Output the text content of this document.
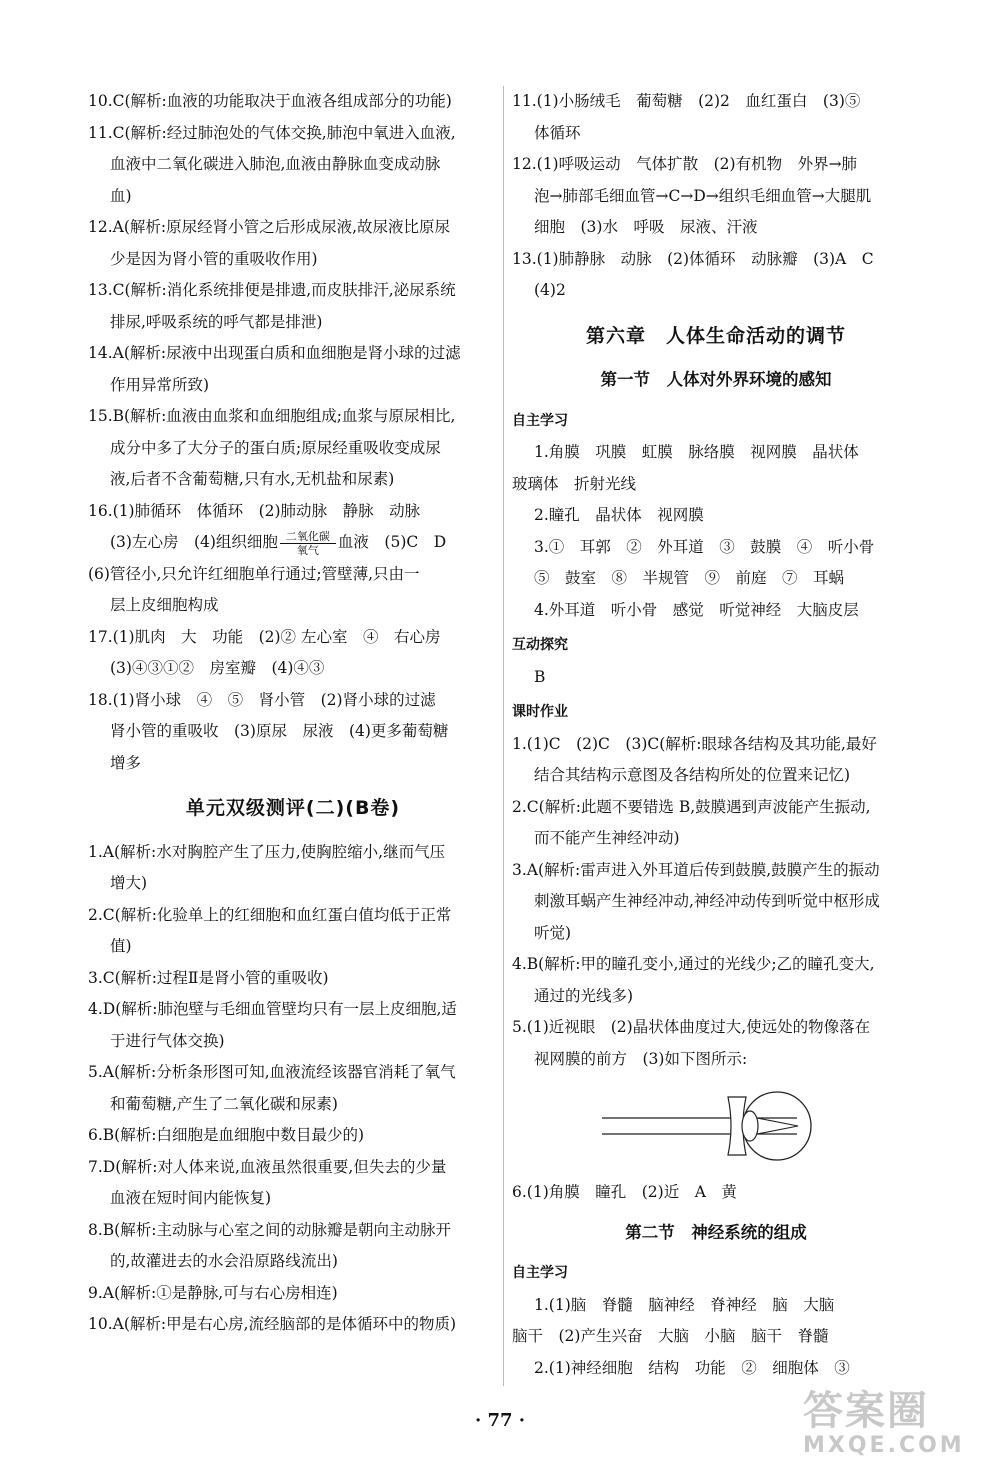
10.C(解析:血液的功能取决于血液各组成部分的功能)
11.C(解析:经过肺泡处的气体交换,肺泡中氧进入血液,
血液中二氧化碳进入肺泡,血液由静脉血变成动脉
血)
12.A(解析:原尿经肾小管之后形成尿液,故尿液比原尿
少是因为肾小管的重吸收作用)
13.C(解析:消化系统排便是排遗,而皮肤排汗,泌尿系统
排尿,呼吸系统的呼气都是排泄)
14.A(解析:尿液中出现蛋白质和血细胞是肾小球的过滤
作用异常所致)
15.B(解析:血液由血浆和血细胞组成;血浆与原尿相比,
成分中多了大分子的蛋白质;原尿经重吸收变成尿
液,后者不含葡萄糖,只有水,无机盐和尿素)
16.(1)肺循环　体循环　(2)肺动脉　静脉　动脉
(3)左心房　(4)组织细胞 $\frac{\text{二氧化碳}}{\text{氧气}}$ 血液　(5)C　D
(6)管径小,只允许红细胞单行通过;管壁薄,只由一
层上皮细胞构成
17.(1)肌肉　大　功能　(2)② 左心室　④　右心房
(3)④③①②　房室瓣　(4)④③
18.(1)肾小球　④　⑤　肾小管　(2)肾小球的过滤
肾小管的重吸收　(3)原尿　尿液　(4)更多葡萄糖
增多
单元双级测评(二)(B卷)
1.A(解析:水对胸腔产生了压力,使胸腔缩小,继而气压
增大)
2.C(解析:化验单上的红细胞和血红蛋白值均低于正常
值)
3.C(解析:过程Ⅱ是肾小管的重吸收)
4.D(解析:肺泡壁与毛细血管壁均只有一层上皮细胞,适
于进行气体交换)
5.A(解析:分析条形图可知,血液流经该器官消耗了氧气
和葡萄糖,产生了二氧化碳和尿素)
6.B(解析:白细胞是血细胞中数目最少的)
7.D(解析:对人体来说,血液虽然很重要,但失去的少量
血液在短时间内能恢复)
8.B(解析:主动脉与心室之间的动脉瓣是朝向主动脉开
的,故灌进去的水会沿原路线流出)
9.A(解析:①是静脉,可与右心房相连)
10.A(解析:甲是右心房,流经脑部的是体循环中的物质)
11.(1)小肠绒毛　葡萄糖　(2)2　血红蛋白　(3)⑤
体循环
12.(1)呼吸运动　气体扩散　(2)有机物　外界→肺
泡→肺部毛细血管→C→D→组织毛细血管→大腿肌
细胞　(3)水　呼吸　尿液、汗液
13.(1)肺静脉　动脉　(2)体循环　动脉瓣　(3)A　C
(4)2
第六章　人体生命活动的调节
第一节　人体对外界环境的感知
自主学习
1.角膜　巩膜　虹膜　脉络膜　视网膜　晶状体
玻璃体　折射光线
2.瞳孔　晶状体　视网膜
3.①　耳郭　②　外耳道　③　鼓膜　④　听小骨
⑤　鼓室　⑧　半规管　⑨　前庭　⑦　耳蜗
4.外耳道　听小骨　感觉　听觉神经　大脑皮层
互动探究
B
课时作业
1.(1)C　(2)C　(3)C(解析:眼球各结构及其功能,最好
结合其结构示意图及各结构所处的位置来记忆)
2.C(解析:此题不要错选 B,鼓膜遇到声波能产生振动,
而不能产生神经冲动)
3.A(解析:雷声进入外耳道后传到鼓膜,鼓膜产生的振动
刺激耳蜗产生神经冲动,神经冲动传到听觉中枢形成
听觉)
4.B(解析:甲的瞳孔变小,通过的光线少;乙的瞳孔变大,
通过的光线多)
5.(1)近视眼　(2)晶状体曲度过大,使远处的物像落在
视网膜的前方　(3)如下图所示:
6.(1)角膜　瞳孔　(2)近　A　黄
第二节　神经系统的组成
自主学习
1.(1)脑　脊髓　脑神经　脊神经　脑　大脑
脑干　(2)产生兴奋　大脑　小脑　脑干　脊髓
2.(1)神经细胞　结构　功能　②　细胞体　③
· 77 ·	答案圈
MXQE.COM
